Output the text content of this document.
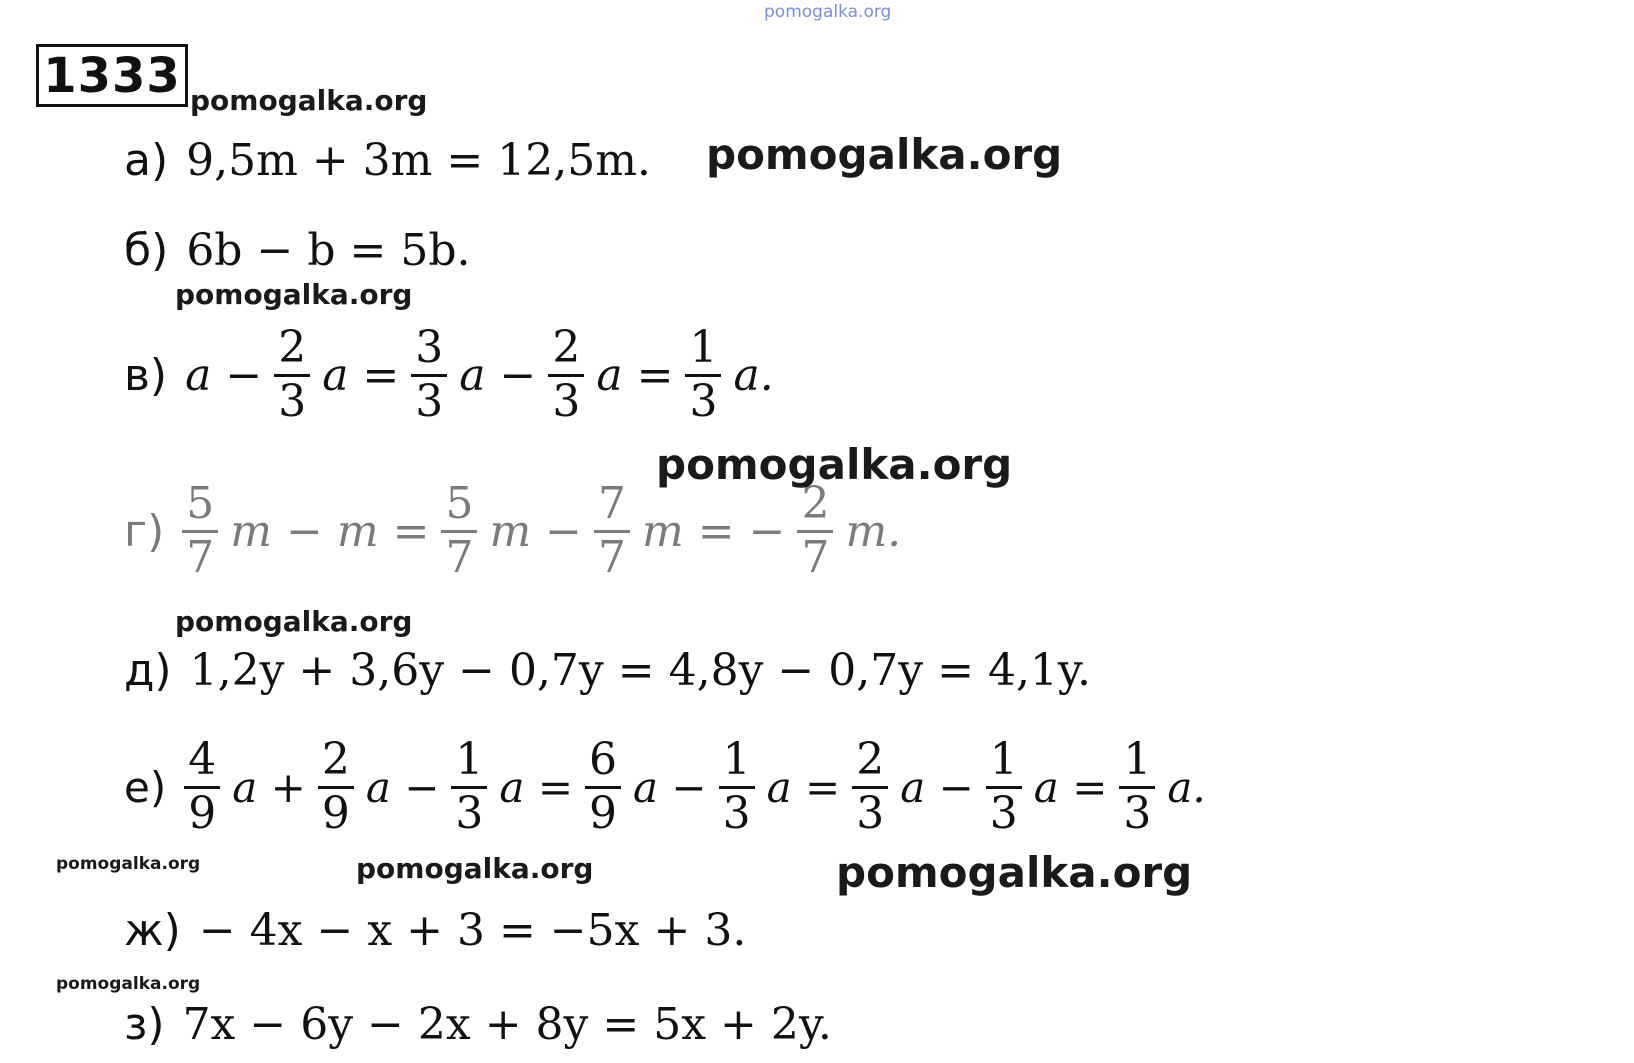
pomogalka.org
pomogalka.org
pomogalka.org
pomogalka.org
pomogalka.org
pomogalka.org
pomogalka.org	pomogalka.org	pomogalka.org
pomogalka.org
1333
а) 9,5m + 3m = 12,5m.
б) 6b − b = 5b.
в) $a - \frac{2}{3}$ $a = \frac{3}{3}$ $a - \frac{2}{3}$ $a = \frac{1}{3} a$.
$г) \frac{5}{7}$ $m - m = \frac{5}{7}$ $m - \frac{7}{7}$ m = − $\frac{2}{7} m$.
д) 1,2y + 3,6y − 0,7y = 4,8y − 0,7y = 4,1y.
$е) \frac{4}{9}$ $a + \frac{2}{9}$ $a - \frac{1}{3}$ $a = \frac{6}{9}$ $a - \frac{1}{3}$ $a = \frac{2}{3}$ $a - \frac{1}{3}$ $a = \frac{1}{3} a$.
ж) − 4x − x + 3 = −5x + 3.
з) 7x − 6y − 2x + 8y = 5x + 2y.
